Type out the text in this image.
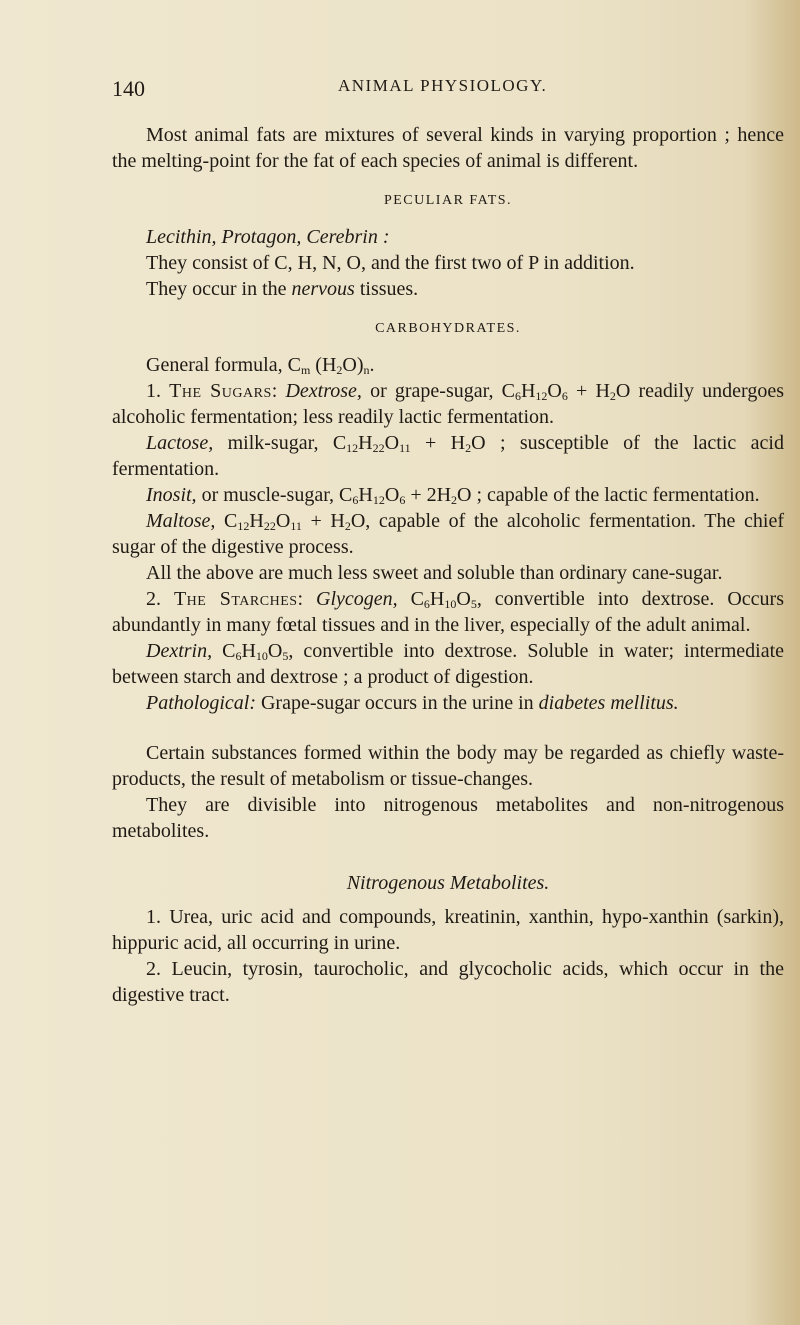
140	ANIMAL PHYSIOLOGY.

Most animal fats are mixtures of several kinds in varying proportion ; hence the melting-point for the fat of each species of animal is different.

PECULIAR FATS.

Lecithin, Protagon, Cerebrin :

They consist of C, H, N, O, and the first two of P in addition.

They occur in the nervous tissues.

CARBOHYDRATES.

General formula, $C_m$ $(H_2O)_n$.

1. The Sugars: Dextrose, or grape-sugar, $C_6H_{12}O_6 + H_2O$ readily undergoes alcoholic fermentation; less readily lactic fermentation.

Lactose, milk-sugar, $C_{12}H_{22}O_{11} + H_2O$ ; susceptible of the lactic acid fermentation.

Inosit, or muscle-sugar, $C_6H_{12}O_6 + 2H_2O$ ; capable of the lactic fermentation.

Maltose, $C_{12}H_{22}O_{11} + H_2O$, capable of the alcoholic fermentation. The chief sugar of the digestive process.

All the above are much less sweet and soluble than ordinary cane-sugar.

2. The Starches: Glycogen, $C_6H_{10}O_5$, convertible into dextrose. Occurs abundantly in many fœtal tissues and in the liver, especially of the adult animal.

Dextrin, $C_6H_{10}O_5$, convertible into dextrose. Soluble in water; intermediate between starch and dextrose ; a product of digestion.

Pathological: Grape-sugar occurs in the urine in diabetes mellitus.

Certain substances formed within the body may be regarded as chiefly waste-products, the result of metabolism or tissue-changes.

They are divisible into nitrogenous metabolites and non-nitrogenous metabolites.

Nitrogenous Metabolites.

1. Urea, uric acid and compounds, kreatinin, xanthin, hypo-xanthin (sarkin), hippuric acid, all occurring in urine.

2. Leucin, tyrosin, taurocholic, and glycocholic acids, which occur in the digestive tract.
